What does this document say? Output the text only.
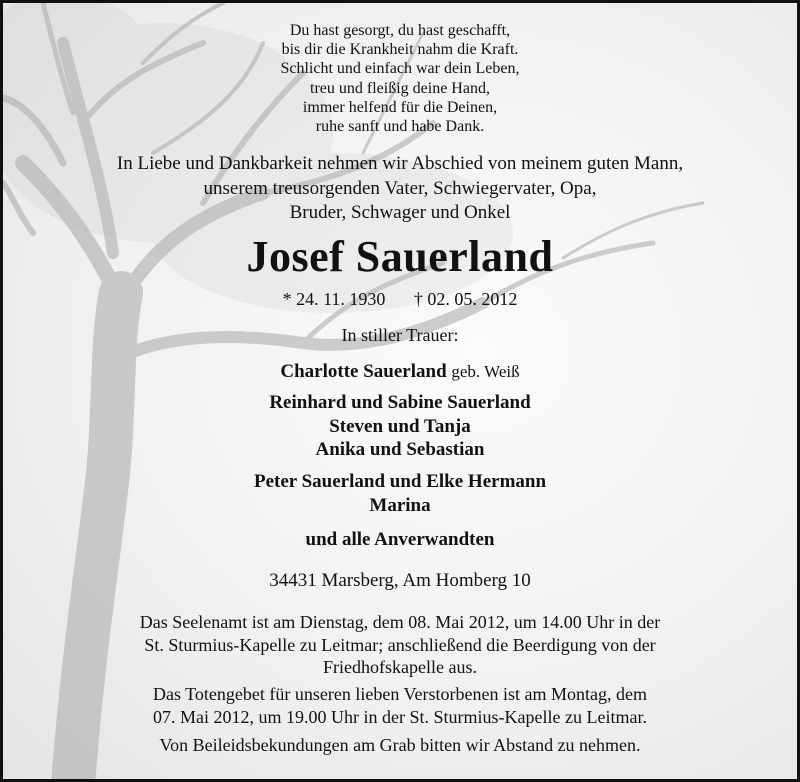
Du hast gesorgt, du hast geschafft,
bis dir die Krankheit nahm die Kraft.
Schlicht und einfach war dein Leben,
treu und fleißig deine Hand,
immer helfend für die Deinen,
ruhe sanft und habe Dank.
In Liebe und Dankbarkeit nehmen wir Abschied von meinem guten Mann,
unserem treusorgenden Vater, Schwiegervater, Opa,
Bruder, Schwager und Onkel
Josef Sauerland
* 24. 11. 1930 † 02. 05. 2012
In stiller Trauer:
Charlotte Sauerland geb. Weiß
Reinhard und Sabine Sauerland
Steven und Tanja
Anika und Sebastian
Peter Sauerland und Elke Hermann
Marina
und alle Anverwandten
34431 Marsberg, Am Homberg 10
Das Seelenamt ist am Dienstag, dem 08. Mai 2012, um 14.00 Uhr in der
St. Sturmius-Kapelle zu Leitmar; anschließend die Beerdigung von der
Friedhofskapelle aus.
Das Totengebet für unseren lieben Verstorbenen ist am Montag, dem
07. Mai 2012, um 19.00 Uhr in der St. Sturmius-Kapelle zu Leitmar.
Von Beileidsbekundungen am Grab bitten wir Abstand zu nehmen.
